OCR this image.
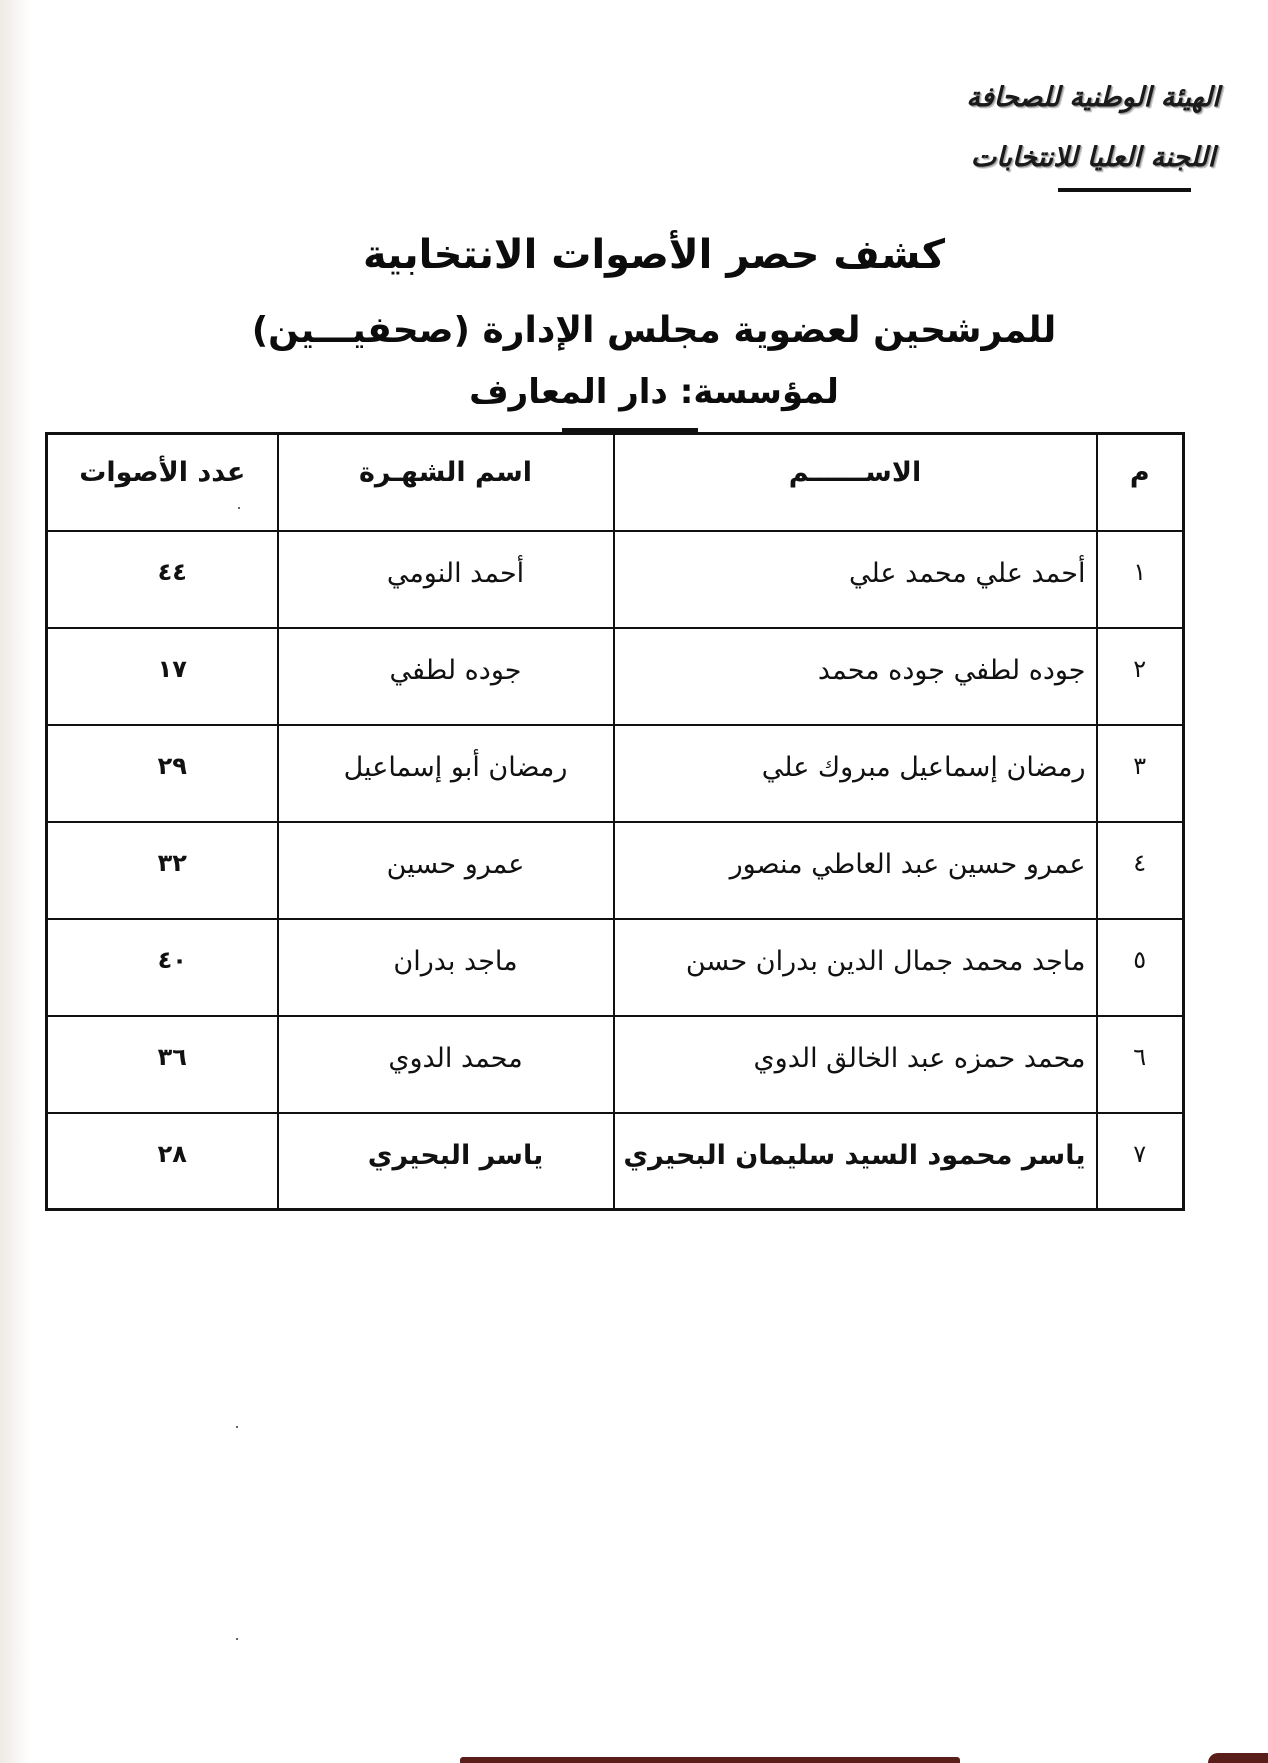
الهيئة الوطنية للصحافة
اللجنة العليا للانتخابات
كشف حصر الأصوات الانتخابية
للمرشحين لعضوية مجلس الإدارة (صحفيـــين)
لمؤسسة: دار المعارف
م	الاســــــم	اسم الشهـرة	عدد الأصوات
١	أحمد علي محمد علي	أحمد النومي	٤٤
٢	جوده لطفي جوده محمد	جوده لطفي	١٧
٣	رمضان إسماعيل مبروك علي	رمضان أبو إسماعيل	٢٩
٤	عمرو حسين عبد العاطي منصور	عمرو حسين	٣٢
٥	ماجد محمد جمال الدين بدران حسن	ماجد بدران	٤٠
٦	محمد حمزه عبد الخالق الدوي	محمد الدوي	٣٦
٧	ياسر محمود السيد سليمان البحيري	ياسر البحيري	٢٨
